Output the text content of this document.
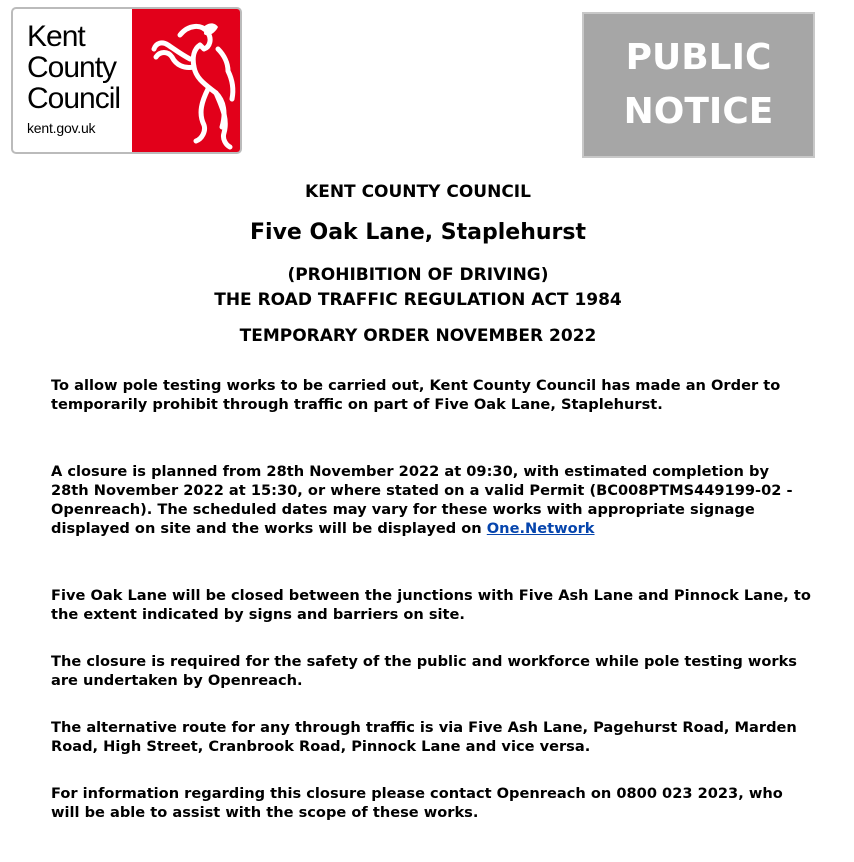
Kent
County
Council
kent.gov.uk
PUBLIC
NOTICE
KENT COUNTY COUNCIL
Five Oak Lane, Staplehurst
(PROHIBITION OF DRIVING)
THE ROAD TRAFFIC REGULATION ACT 1984
TEMPORARY ORDER NOVEMBER 2022
To allow pole testing works to be carried out, Kent County Council has made an Order to temporarily prohibit through traffic on part of Five Oak Lane, Staplehurst.
A closure is planned from 28th November 2022 at 09:30, with estimated completion by 28th November 2022 at 15:30, or where stated on a valid Permit (BC008PTMS449199-02 - Openreach). The scheduled dates may vary for these works with appropriate signage displayed on site and the works will be displayed on One.Network
Five Oak Lane will be closed between the junctions with Five Ash Lane and Pinnock Lane, to the extent indicated by signs and barriers on site.
The closure is required for the safety of the public and workforce while pole testing works are undertaken by Openreach.
The alternative route for any through traffic is via Five Ash Lane, Pagehurst Road, Marden Road, High Street, Cranbrook Road, Pinnock Lane and vice versa.
For information regarding this closure please contact Openreach on 0800 023 2023, who will be able to assist with the scope of these works.
